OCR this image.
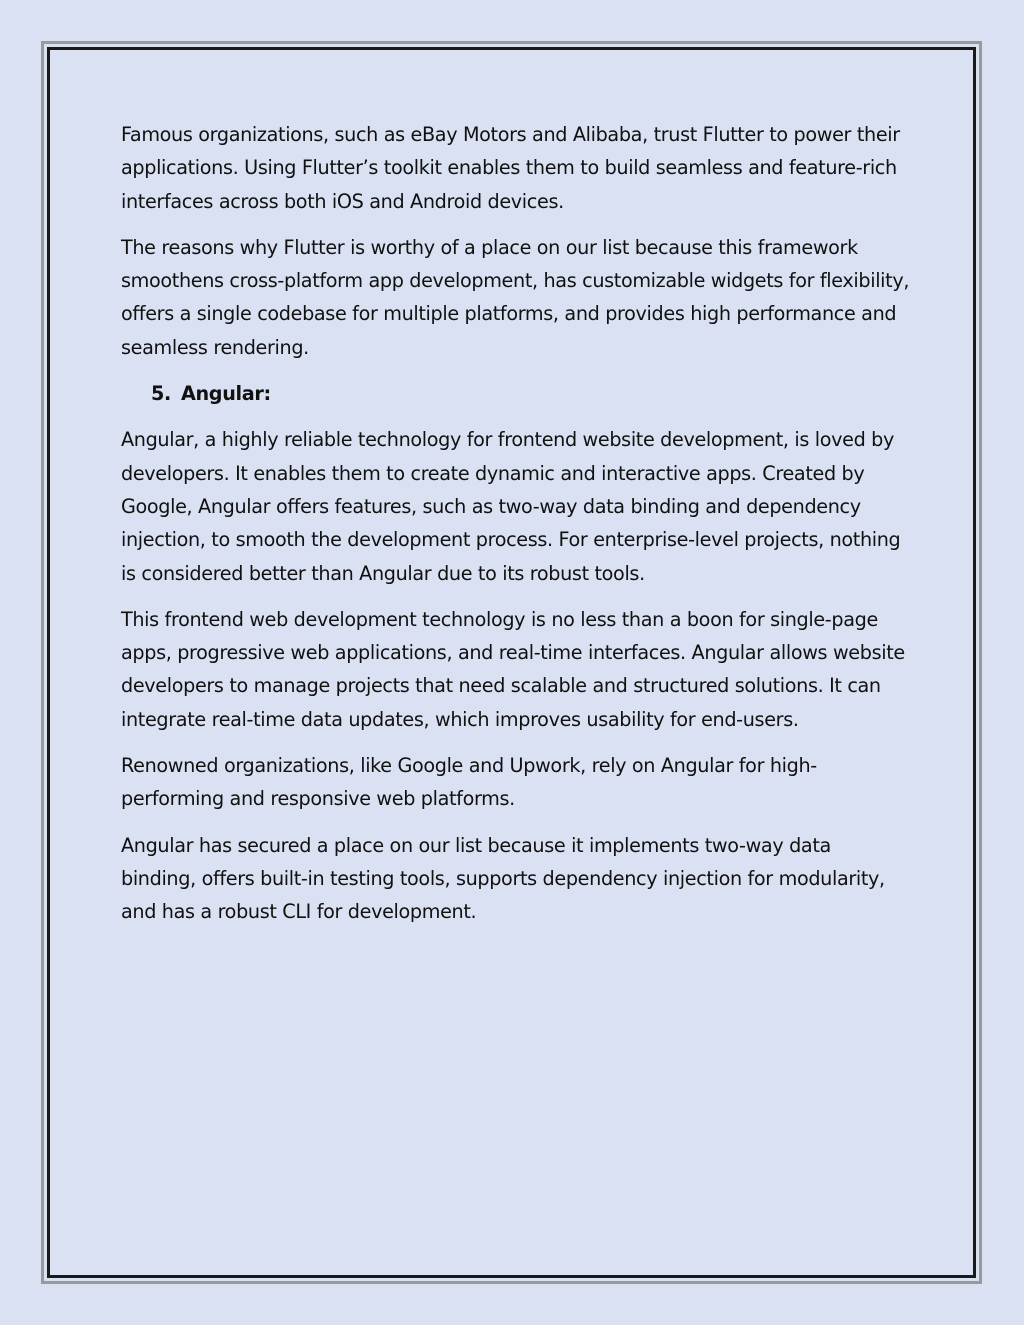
Famous organizations, such as eBay Motors and Alibaba, trust Flutter to power their applications. Using Flutter’s toolkit enables them to build seamless and feature-rich interfaces across both iOS and Android devices.

The reasons why Flutter is worthy of a place on our list because this framework smoothens cross-platform app development, has customizable widgets for flexibility, offers a single codebase for multiple platforms, and provides high performance and seamless rendering.

5. Angular:

Angular, a highly reliable technology for frontend website development, is loved by developers. It enables them to create dynamic and interactive apps. Created by Google, Angular offers features, such as two-way data binding and dependency injection, to smooth the development process. For enterprise-level projects, nothing is considered better than Angular due to its robust tools.

This frontend web development technology is no less than a boon for single-page apps, progressive web applications, and real-time interfaces. Angular allows website developers to manage projects that need scalable and structured solutions. It can integrate real-time data updates, which improves usability for end-users.

Renowned organizations, like Google and Upwork, rely on Angular for high-performing and responsive web platforms.

Angular has secured a place on our list because it implements two-way data binding, offers built-in testing tools, supports dependency injection for modularity, and has a robust CLI for development.
